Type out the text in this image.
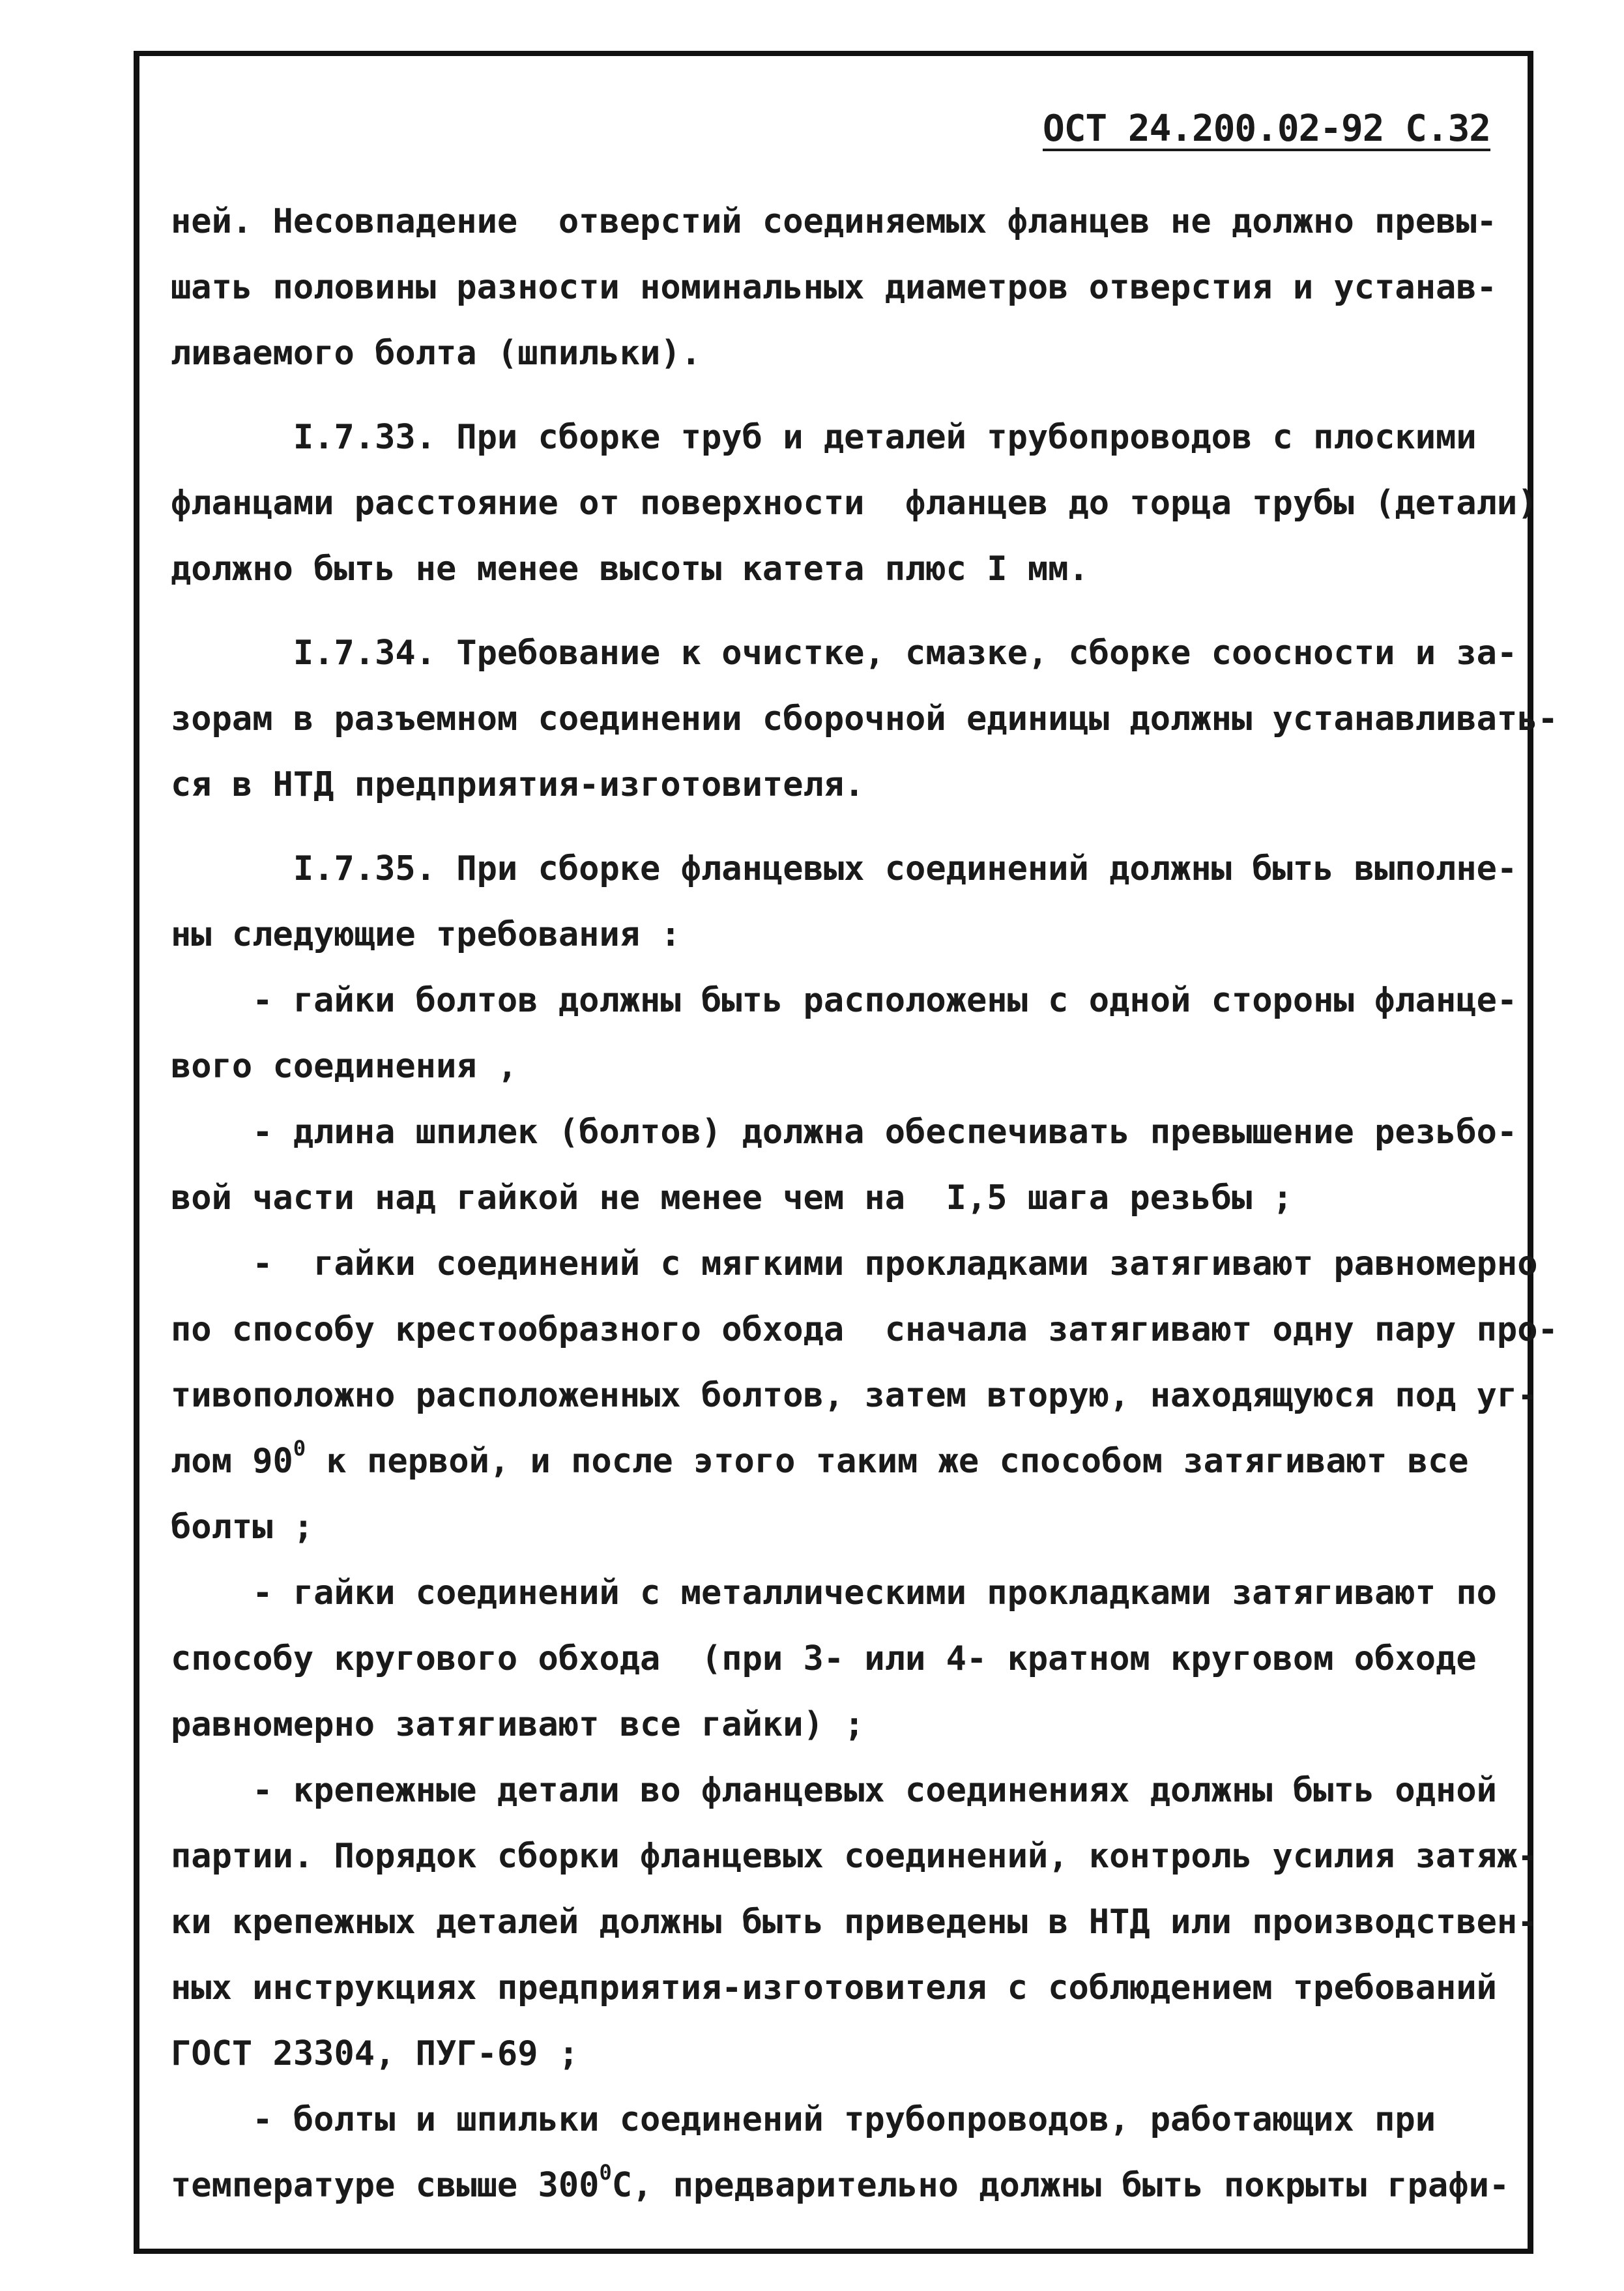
ОСТ 24.200.02-92 С.32
ней. Несовпадение  отверстий соединяемых фланцев не должно превы-
шать половины разности номинальных диаметров отверстия и устанав-
ливаемого болта (шпильки).
I.7.33. При сборке труб и деталей трубопроводов с плоскими
фланцами расстояние от поверхности  фланцев до торца трубы (детали)
должно быть не менее высоты катета плюс I мм.
I.7.34. Требование к очистке, смазке, сборке соосности и за-
зорам в разъемном соединении сборочной единицы должны устанавливать-
ся в НТД предприятия-изготовителя.
I.7.35. При сборке фланцевых соединений должны быть выполне-
ны следующие требования :
- гайки болтов должны быть расположены с одной стороны фланце-
вого соединения ,
- длина шпилек (болтов) должна обеспечивать превышение резьбо-
вой части над гайкой не менее чем на  I,5 шага резьбы ;
-  гайки соединений с мягкими прокладками затягивают равномерно
по способу крестообразного обхода  сначала затягивают одну пару про-
тивоположно расположенных болтов, затем вторую, находящуюся под уг-
лом $90^0$ к первой, и после этого таким же способом затягивают все
болты ;
- гайки соединений с металлическими прокладками затягивают по
способу кругового обхода  (при 3- или 4- кратном круговом обходе
равномерно затягивают все гайки) ;
- крепежные детали во фланцевых соединениях должны быть одной
партии. Порядок сборки фланцевых соединений, контроль усилия затяж-
ки крепежных деталей должны быть приведены в НТД или производствен-
ных инструкциях предприятия-изготовителя с соблюдением требований
ГОСТ 23304, ПУГ-69 ;
- болты и шпильки соединений трубопроводов, работающих при
температуре свыше $300^0С$, предварительно должны быть покрыты графи-
